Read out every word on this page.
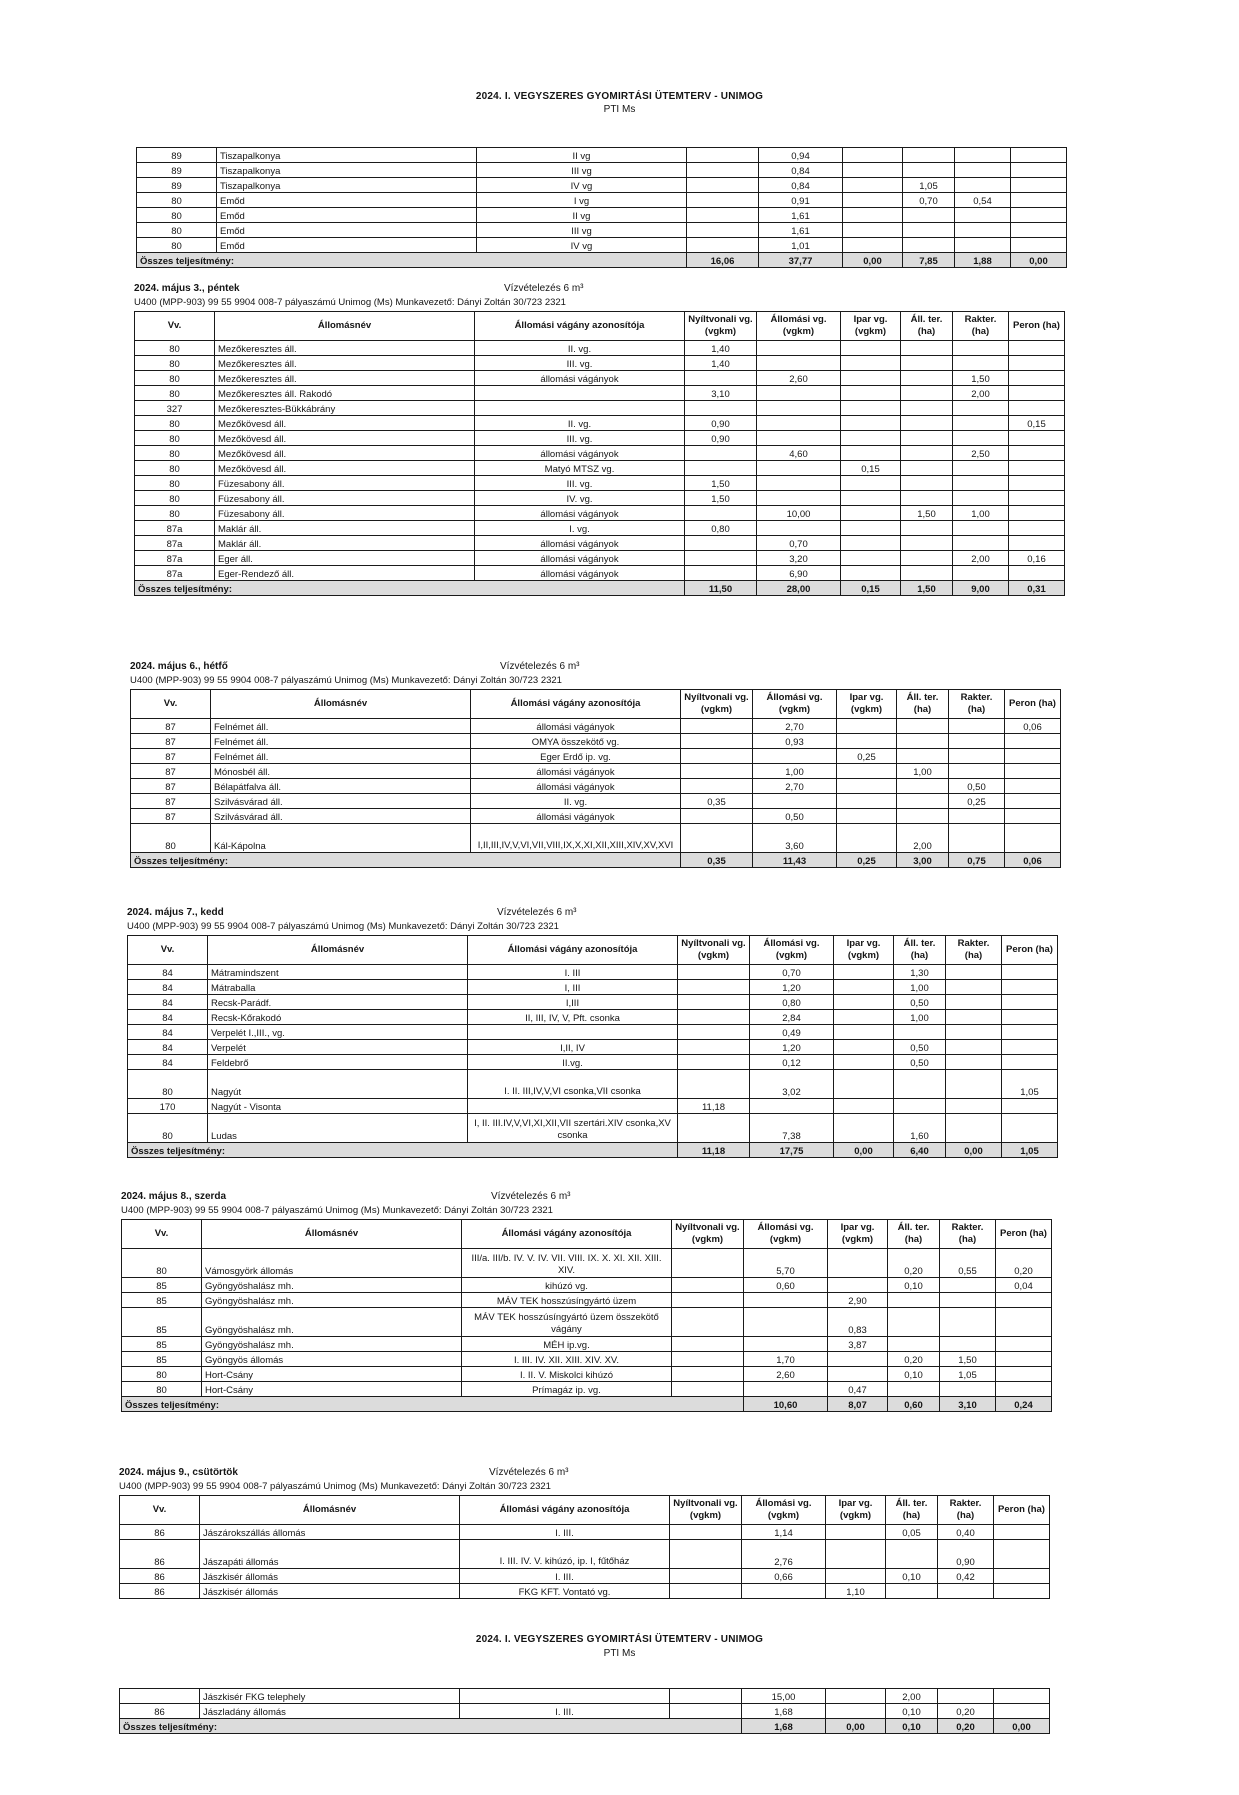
2024. I. VEGYSZERES GYOMIRTÁSI ÜTEMTERV - UNIMOG
PTI Ms
89	Tiszapalkonya	II vg		0,94				
89	Tiszapalkonya	III vg		0,84				
89	Tiszapalkonya	IV vg		0,84		1,05		
80	Emőd	I vg		0,91		0,70	0,54	
80	Emőd	II vg		1,61				
80	Emőd	III vg		1,61				
80	Emőd	IV vg		1,01				
Összes teljesítmény:			16,06	37,77	0,00	7,85	1,88	0,00
2024. május 3., péntek	Vízvételezés 6 m³
U400 (MPP-903) 99 55 9904 008-7 pályaszámú Unimog (Ms) Munkavezető: Dányi Zoltán 30/723 2321
Vv.	Állomásnév	Állomási vágány azonosítója	Nyíltvonali vg. (vgkm)	Állomási vg. (vgkm)	Ipar vg. (vgkm)	Áll. ter. (ha)	Rakter. (ha)	Peron (ha)
80	Mezőkeresztes áll.	II. vg.	1,40					
80	Mezőkeresztes áll.	III. vg.	1,40					
80	Mezőkeresztes áll.	állomási vágányok		2,60			1,50	
80	Mezőkeresztes áll. Rakodó		3,10				2,00	
327	Mezőkeresztes-Bükkábrány							
80	Mezőkövesd áll.	II. vg.	0,90					0,15
80	Mezőkövesd áll.	III. vg.	0,90					
80	Mezőkövesd áll.	állomási vágányok		4,60			2,50	
80	Mezőkövesd áll.	Matyó MTSZ vg.			0,15			
80	Füzesabony áll.	III. vg.	1,50					
80	Füzesabony áll.	IV. vg.	1,50					
80	Füzesabony áll.	állomási vágányok		10,00		1,50	1,00	
87a	Maklár áll.	I. vg.	0,80					
87a	Maklár áll.	állomási vágányok		0,70				
87a	Eger áll.	állomási vágányok		3,20			2,00	0,16
87a	Eger-Rendező áll.	állomási vágányok		6,90				
Összes teljesítmény:			11,50	28,00	0,15	1,50	9,00	0,31
2024. május 6., hétfő	Vízvételezés 6 m³
U400 (MPP-903) 99 55 9904 008-7 pályaszámú Unimog (Ms) Munkavezető: Dányi Zoltán 30/723 2321
Vv.	Állomásnév	Állomási vágány azonosítója	Nyíltvonali vg. (vgkm)	Állomási vg. (vgkm)	Ipar vg. (vgkm)	Áll. ter. (ha)	Rakter. (ha)	Peron (ha)
87	Felnémet áll.	állomási vágányok		2,70				0,06
87	Felnémet áll.	OMYA összekötő vg.		0,93				
87	Felnémet áll.	Eger Erdő ip. vg.			0,25			
87	Mónosbél áll.	állomási vágányok		1,00		1,00		
87	Bélapátfalva áll.	állomási vágányok		2,70			0,50	
87	Szilvásvárad áll.	II. vg.	0,35				0,25	
87	Szilvásvárad áll.	állomási vágányok		0,50				
80	Kál-Kápolna	I,II,III,IV,V,VI,VII,VIII,IX,X,XI,XII,XIII,XIV,XV,XVI		3,60		2,00		
Összes teljesítmény:			0,35	11,43	0,25	3,00	0,75	0,06
2024. május 7., kedd	Vízvételezés 6 m³
U400 (MPP-903) 99 55 9904 008-7 pályaszámú Unimog (Ms) Munkavezető: Dányi Zoltán 30/723 2321
Vv.	Állomásnév	Állomási vágány azonosítója	Nyíltvonali vg. (vgkm)	Állomási vg. (vgkm)	Ipar vg. (vgkm)	Áll. ter. (ha)	Rakter. (ha)	Peron (ha)
84	Mátramindszent	I. III		0,70		1,30		
84	Mátraballa	I, III		1,20		1,00		
84	Recsk-Parádf.	I,III		0,80		0,50		
84	Recsk-Kőrakodó	II, III, IV, V, Pft. csonka		2,84		1,00		
84	Verpelét I.,III., vg.			0,49				
84	Verpelét	I,II, IV		1,20		0,50		
84	Feldebrő	II.vg.		0,12		0,50		
80	Nagyút	I. II. III,IV,V,VI csonka,VII csonka		3,02				1,05
170	Nagyút - Visonta		11,18					
80	Ludas	I, II. III.IV,V,VI,XI,XII,VII szertári.XIV csonka,XV csonka		7,38		1,60		
Összes teljesítmény:			11,18	17,75	0,00	6,40	0,00	1,05
2024. május 8., szerda	Vízvételezés 6 m³
U400 (MPP-903) 99 55 9904 008-7 pályaszámú Unimog (Ms) Munkavezető: Dányi Zoltán 30/723 2321
Vv.	Állomásnév	Állomási vágány azonosítója	Nyíltvonali vg. (vgkm)	Állomási vg. (vgkm)	Ipar vg. (vgkm)	Áll. ter. (ha)	Rakter. (ha)	Peron (ha)
80	Vámosgyörk állomás	III/a. III/b. IV. V. IV. VII. VIII. IX. X. XI. XII. XIII. XIV.		5,70		0,20	0,55	0,20
85	Gyöngyöshalász mh.	kihúzó vg.		0,60		0,10		0,04
85	Gyöngyöshalász mh.	MÁV TEK hosszúsíngyártó üzem			2,90			
85	Gyöngyöshalász mh.	MÁV TEK hosszúsíngyártó üzem összekötő vágány			0,83			
85	Gyöngyöshalász mh.	MÉH ip.vg.			3,87			
85	Gyöngyös állomás	I. III. IV. XII. XIII. XIV. XV.		1,70		0,20	1,50	
80	Hort-Csány	I. II. V. Miskolci kihúzó		2,60		0,10	1,05	
80	Hort-Csány	Prímagáz ip. vg.			0,47			
Összes teljesítmény:				10,60	8,07	0,60	3,10	0,24
2024. május 9., csütörtök	Vízvételezés 6 m³
U400 (MPP-903) 99 55 9904 008-7 pályaszámú Unimog (Ms) Munkavezető: Dányi Zoltán 30/723 2321
Vv.	Állomásnév	Állomási vágány azonosítója	Nyíltvonali vg. (vgkm)	Állomási vg. (vgkm)	Ipar vg. (vgkm)	Áll. ter. (ha)	Rakter. (ha)	Peron (ha)
86	Jászárokszállás állomás	I. III.		1,14		0,05	0,40	
86	Jászapáti állomás	I. III. IV. V. kihúzó, ip. I, fűtőház		2,76			0,90	
86	Jászkisér állomás	I. III.		0,66		0,10	0,42	
86	Jászkisér állomás	FKG KFT. Vontató vg.			1,10			
2024. I. VEGYSZERES GYOMIRTÁSI ÜTEMTERV - UNIMOG
PTI Ms
	Jászkisér FKG telephely			15,00		2,00		
86	Jászladány állomás	I. III.		1,68		0,10	0,20	
Összes teljesítmény:				1,68	0,00	0,10	0,20	0,00
